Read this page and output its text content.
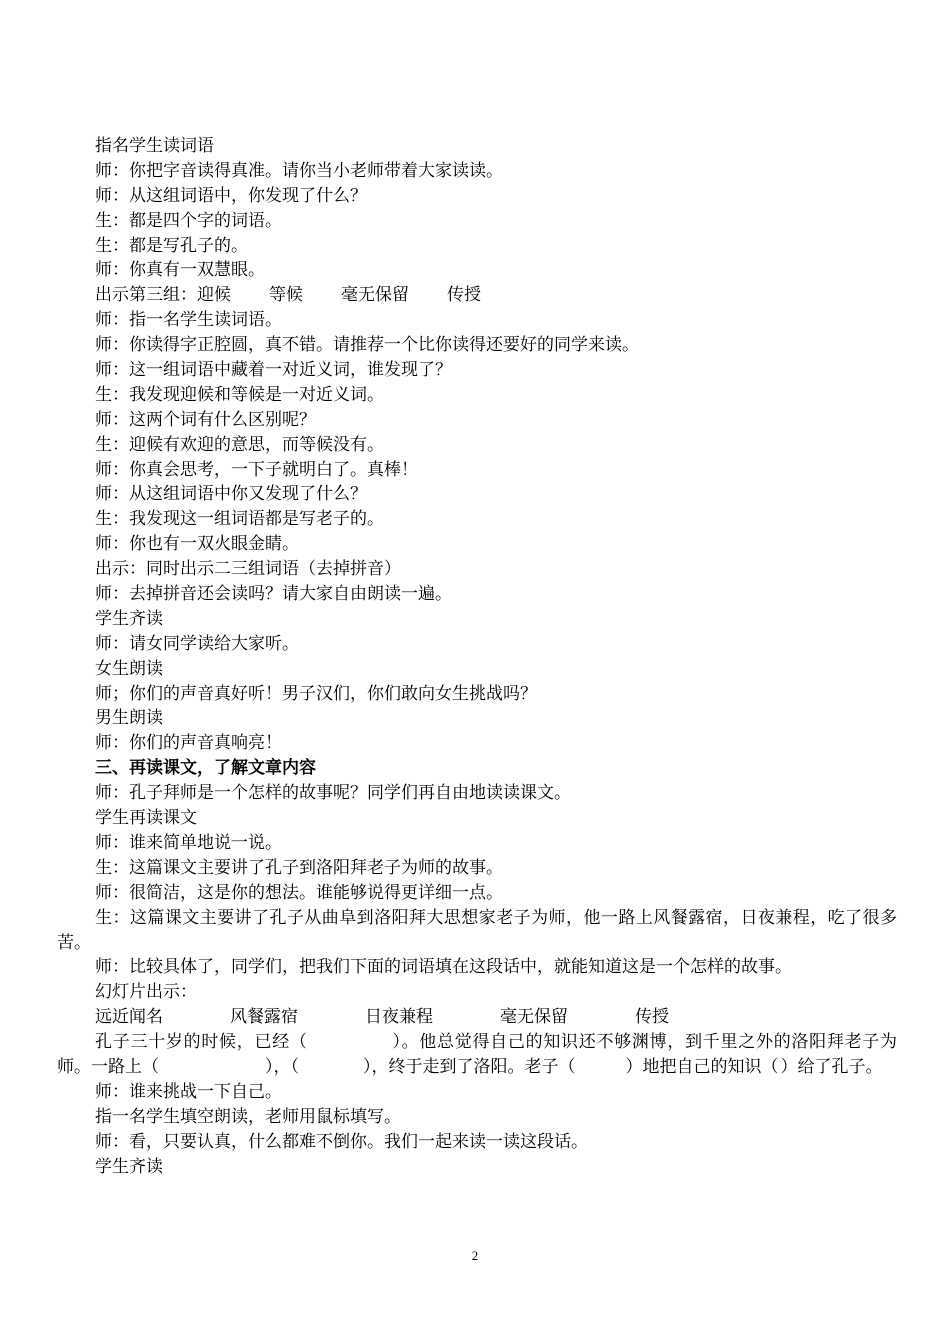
指名学生读词语
师：你把字音读得真准。请你当小老师带着大家读读。
师：从这组词语中，你发现了什么？
生：都是四个字的词语。
生：都是写孔子的。
师：你真有一双慧眼。
出示第三组：迎候 等候 毫无保留 传授
师：指一名学生读词语。
师：你读得字正腔圆，真不错。请推荐一个比你读得还要好的同学来读。
师：这一组词语中藏着一对近义词，谁发现了？
生：我发现迎候和等候是一对近义词。
师：这两个词有什么区别呢？
生：迎候有欢迎的意思，而等候没有。
师：你真会思考，一下子就明白了。真棒！
师：从这组词语中你又发现了什么？
生：我发现这一组词语都是写老子的。
师：你也有一双火眼金睛。
出示：同时出示二三组词语（去掉拼音）
师：去掉拼音还会读吗？请大家自由朗读一遍。
学生齐读
师：请女同学读给大家听。
女生朗读
师；你们的声音真好听！男子汉们，你们敢向女生挑战吗？
男生朗读
师：你们的声音真响亮！
三、再读课文，了解文章内容
师：孔子拜师是一个怎样的故事呢？同学们再自由地读读课文。
学生再读课文
师：谁来简单地说一说。
生：这篇课文主要讲了孔子到洛阳拜老子为师的故事。
师：很简洁，这是你的想法。谁能够说得更详细一点。
生：这篇课文主要讲了孔子从曲阜到洛阳拜大思想家老子为师，他一路上风餐露宿，日夜兼程，吃了很多苦。
师：比较具体了，同学们，把我们下面的词语填在这段话中，就能知道这是一个怎样的故事。
幻灯片出示：
远近闻名	风餐露宿	日夜兼程	毫无保留	传授
孔子三十岁的时候，已经（	）。他总觉得自己的知识还不够渊博，到千里之外的洛阳拜老子为师。一路上（	），（	），终于走到了洛阳。老子（	）地把自己的知识（ ）给了孔子。
师：谁来挑战一下自己。
指一名学生填空朗读，老师用鼠标填写。
师：看，只要认真，什么都难不倒你。我们一起来读一读这段话。
学生齐读
2
